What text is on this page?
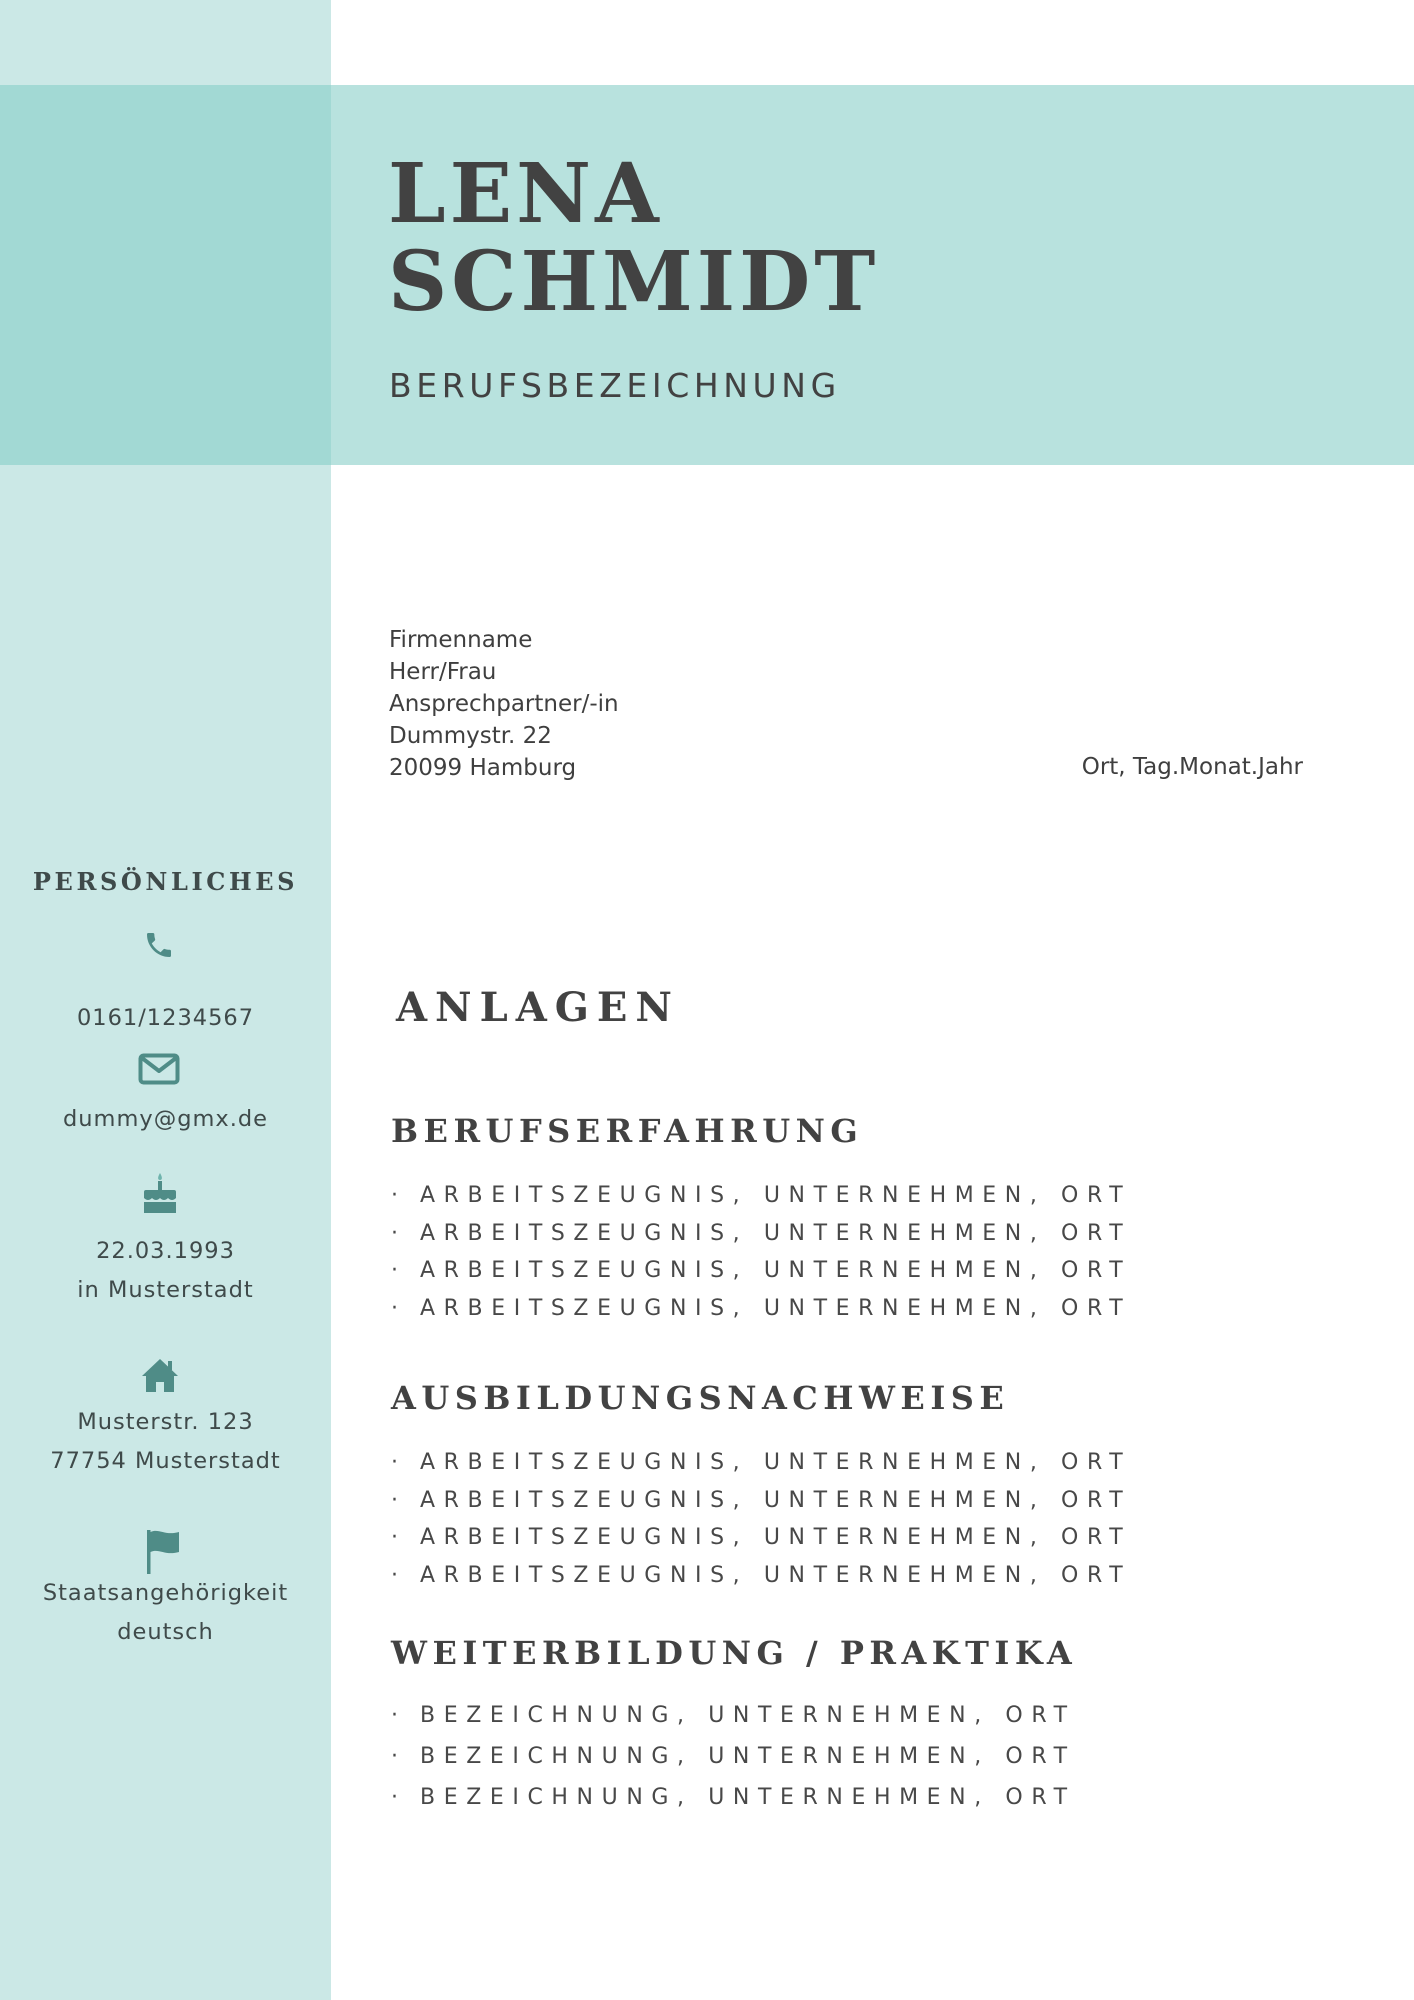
LENA
SCHMIDT
BERUFSBEZEICHNUNG
Firmenname
Herr/Frau
Ansprechpartner/-in
Dummystr. 22
20099 Hamburg	Ort, Tag.Monat.Jahr
ANLAGEN
BERUFSERFAHRUNG
· ARBEITSZEUGNIS, UNTERNEHMEN, ORT
· ARBEITSZEUGNIS, UNTERNEHMEN, ORT
· ARBEITSZEUGNIS, UNTERNEHMEN, ORT
· ARBEITSZEUGNIS, UNTERNEHMEN, ORT
AUSBILDUNGSNACHWEISE
· ARBEITSZEUGNIS, UNTERNEHMEN, ORT
· ARBEITSZEUGNIS, UNTERNEHMEN, ORT
· ARBEITSZEUGNIS, UNTERNEHMEN, ORT
· ARBEITSZEUGNIS, UNTERNEHMEN, ORT
WEITERBILDUNG / PRAKTIKA
· BEZEICHNUNG, UNTERNEHMEN, ORT
· BEZEICHNUNG, UNTERNEHMEN, ORT
· BEZEICHNUNG, UNTERNEHMEN, ORT
PERSÖNLICHES
0161/1234567
dummy@gmx.de
22.03.1993
in Musterstadt
Musterstr. 123
77754 Musterstadt
Staatsangehörigkeit
deutsch
